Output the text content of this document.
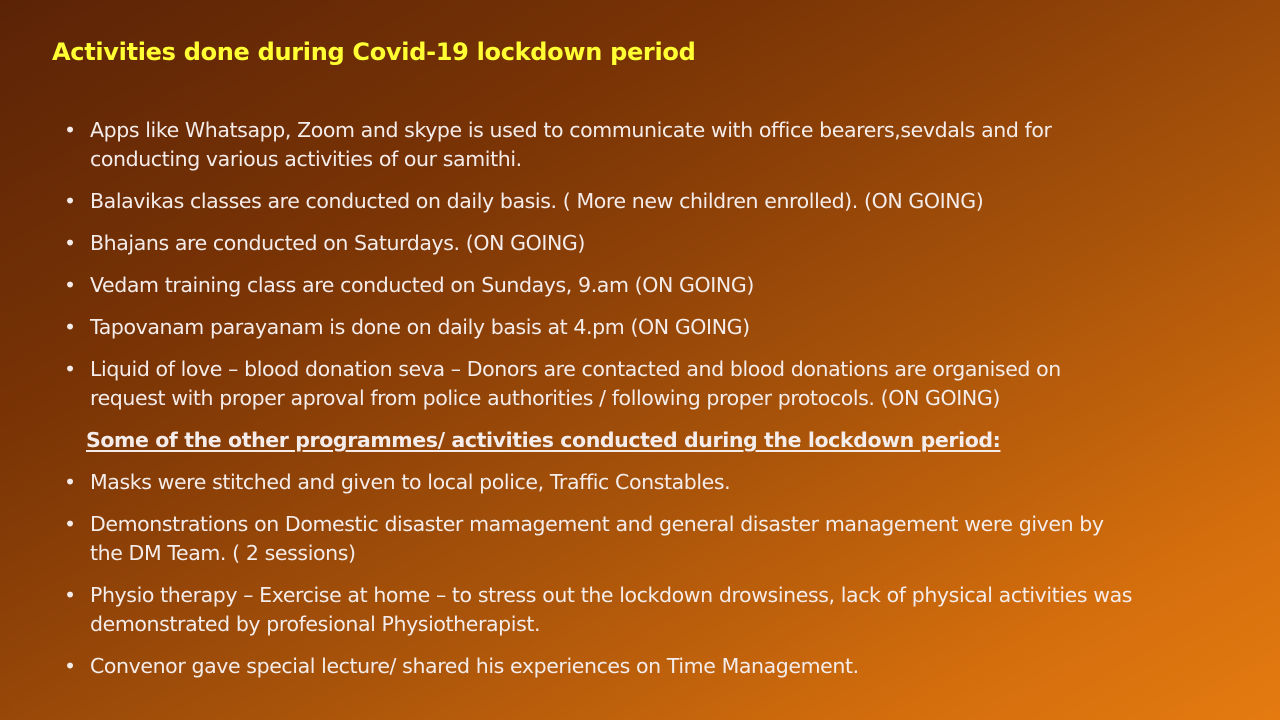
Activities done during Covid-19 lockdown period
• Apps like Whatsapp, Zoom and skype is used to communicate with office bearers,sevdals and for conducting various activities of our samithi.
• Balavikas classes are conducted on daily basis. ( More new children enrolled). (ON GOING)
• Bhajans are conducted on Saturdays. (ON GOING)
• Vedam training class are conducted on Sundays, 9.am (ON GOING)
• Tapovanam parayanam is done on daily basis at 4.pm (ON GOING)
• Liquid of love – blood donation seva – Donors are contacted and blood donations are organised on request with proper aproval from police authorities / following proper protocols. (ON GOING)
Some of the other programmes/ activities conducted during the lockdown period:
• Masks were stitched and given to local police, Traffic Constables.
• Demonstrations on Domestic disaster mamagement and general disaster management were given by the DM Team. ( 2 sessions)
• Physio therapy – Exercise at home – to stress out the lockdown drowsiness, lack of physical activities was demonstrated by profesional Physiotherapist.
• Convenor gave special lecture/ shared his experiences on Time Management.
